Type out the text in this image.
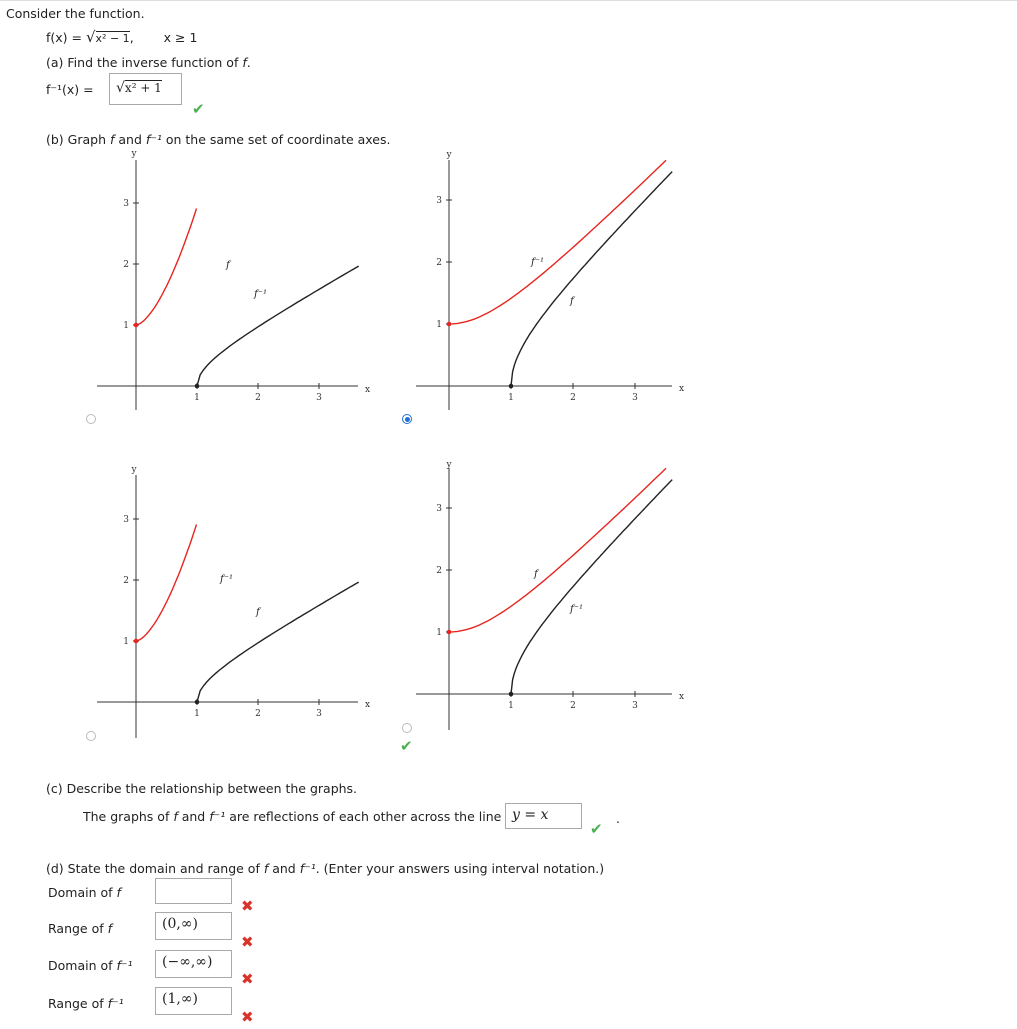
Consider the function.
f(x) = √x² − 1, x ≥ 1
(a) Find the inverse function of f.
f⁻¹(x) =	√x² + 1
✔
(b) Graph f and f⁻¹ on the same set of coordinate axes.
1
1
2
2
3
3
x
y
f
f⁻¹
1
1
2
2
3
3
x
y
f⁻¹
f
1
1
2
2
3
3
x
y
f⁻¹
f
1
1
2
2
3
3
x
y
f
f⁻¹
✔
(c) Describe the relationship between the graphs.
The graphs of f and f⁻¹ are reflections of each other across the line y = x
✔
.
(d) State the domain and range of f and f⁻¹. (Enter your answers using interval notation.)
Domain of f
✖
Range of f	(0,∞)
✖
Domain of f⁻¹	(−∞,∞)
✖
Range of f⁻¹	(1,∞)
✖
